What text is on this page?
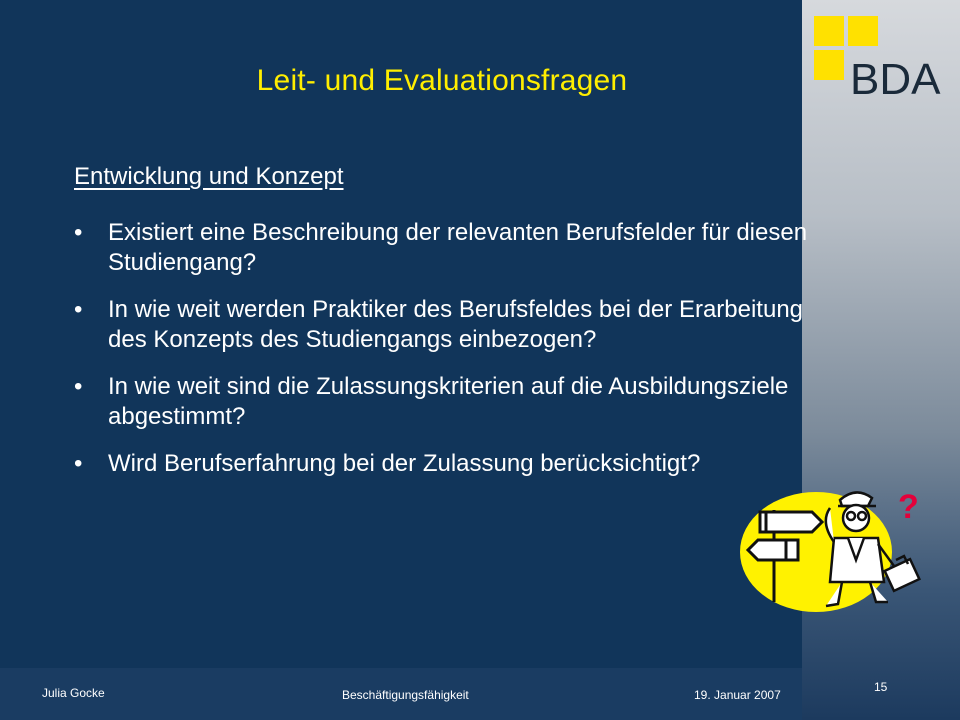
BDA
Leit- und Evaluationsfragen
Entwicklung und Konzept
•	Existiert eine Beschreibung der relevanten Berufsfelder für diesen Studiengang?
•	In wie weit werden Praktiker des Berufsfeldes bei der Erarbeitung des Konzepts des Studiengangs einbezogen?
•	In wie weit sind die Zulassungskriterien auf die Ausbildungsziele abgestimmt?
•	Wird Berufserfahrung bei der Zulassung berücksichtigt?
?
Julia Gocke	Beschäftigungsfähigkeit	19. Januar 2007
15
